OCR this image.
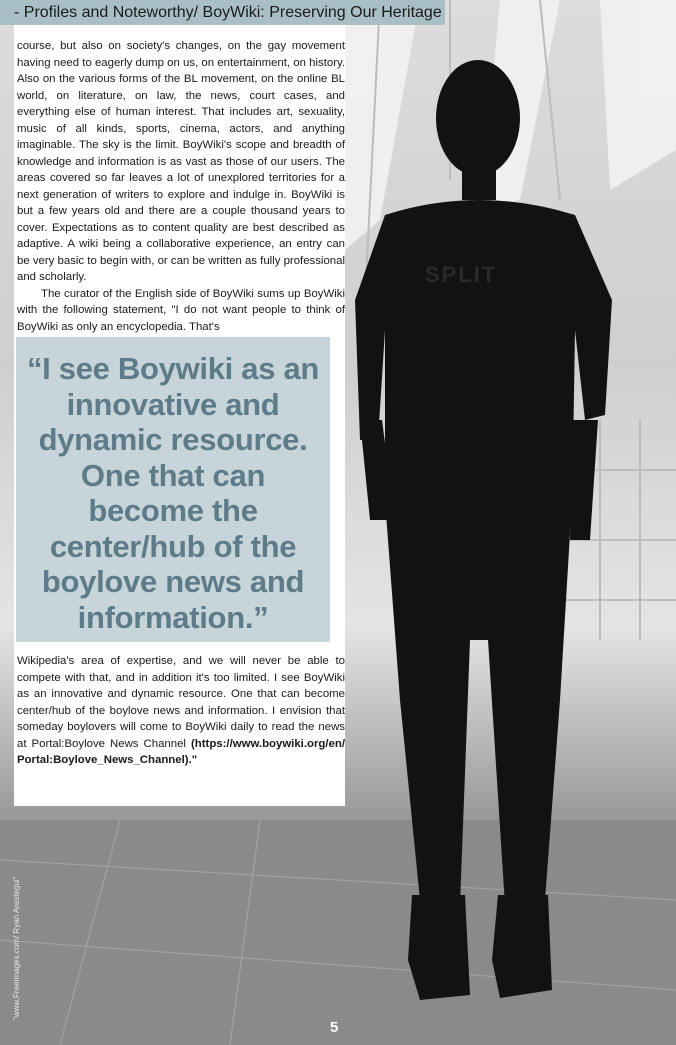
SPLIT
- Profiles and Noteworthy/ BoyWiki: Preserving Our Heritage

course, but also on society's changes, on the gay movement having need to eagerly dump on us, on entertainment, on history. Also on the various forms of the BL movement, on the online BL world, on literature, on law, the news, court cases, and everything else of human interest. That includes art, sexuality, music of all kinds, sports, cinema, actors, and anything imaginable. The sky is the limit. BoyWiki's scope and breadth of knowledge and information is as vast as those of our users. The areas covered so far leaves a lot of unexplored territories for a next generation of writers to explore and indulge in. BoyWiki is but a few years old and there are a couple thousand years to cover. Expectations as to content quality are best described as adaptive. A wiki being a collaborative experience, an entry can be very basic to begin with, or can be written as fully professional and scholarly.

The curator of the English side of BoyWiki sums up BoyWiki with the following statement, "I do not want people to think of BoyWiki as only an encyclopedia. That's

“I see Boywiki as an innovative and dynamic resource. One that can become the center/hub of the boylove news and information.”

Wikipedia's area of expertise, and we will never be able to compete with that, and in addition it's too limited. I see BoyWiki as an innovative and dynamic resource. One that can become center/hub of the boylove news and information. I envision that someday boylovers will come to BoyWiki daily to read the news at Portal:Boylove News Channel (https://www.boywiki.org/en/Portal:Boylove_News_Channel)."

"www.FreeImages.com/ Ryan Arestegui"
5
